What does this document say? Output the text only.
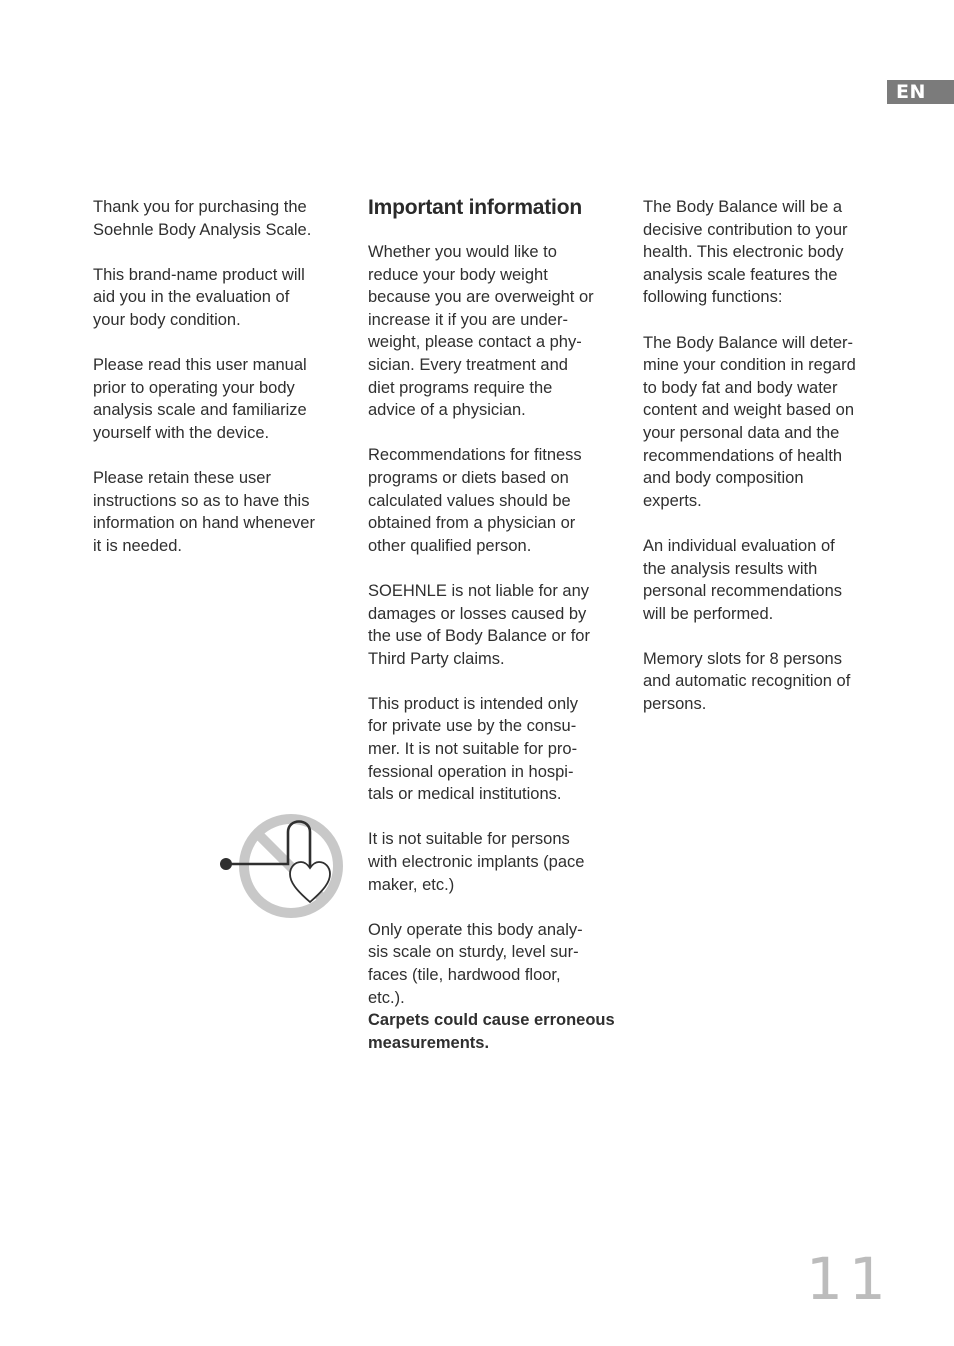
EN

Thank you for purchasing the
Soehnle Body Analysis Scale.

This brand-name product will
aid you in the evaluation of
your body condition.

Please read this user manual
prior to operating your body
analysis scale and familiarize
yourself with the device.

Please retain these user
instructions so as to have this
information on hand whenever
it is needed.

Important information

Whether you would like to
reduce your body weight
because you are overweight or
increase it if you are under-
weight, please contact a phy-
sician. Every treatment and
diet programs require the
advice of a physician.

Recommendations for fitness
programs or diets based on
calculated values should be
obtained from a physician or
other qualified person.

SOEHNLE is not liable for any
damages or losses caused by
the use of Body Balance or for
Third Party claims.

This product is intended only
for private use by the consu-
mer. It is not suitable for pro-
fessional operation in hospi-
tals or medical institutions.

It is not suitable for persons
with electronic implants (pace
maker, etc.)

Only operate this body analy-
sis scale on sturdy, level sur-
faces (tile, hardwood floor,
etc.).

Carpets could cause erroneous
measurements.

The Body Balance will be a
decisive contribution to your
health. This electronic body
analysis scale features the
following functions:

The Body Balance will deter-
mine your condition in regard
to body fat and body water
content and weight based on
your personal data and the
recommendations of health
and body composition
experts.

An individual evaluation of
the analysis results with
personal recommendations
will be performed.

Memory slots for 8 persons
and automatic recognition of
persons.

11
